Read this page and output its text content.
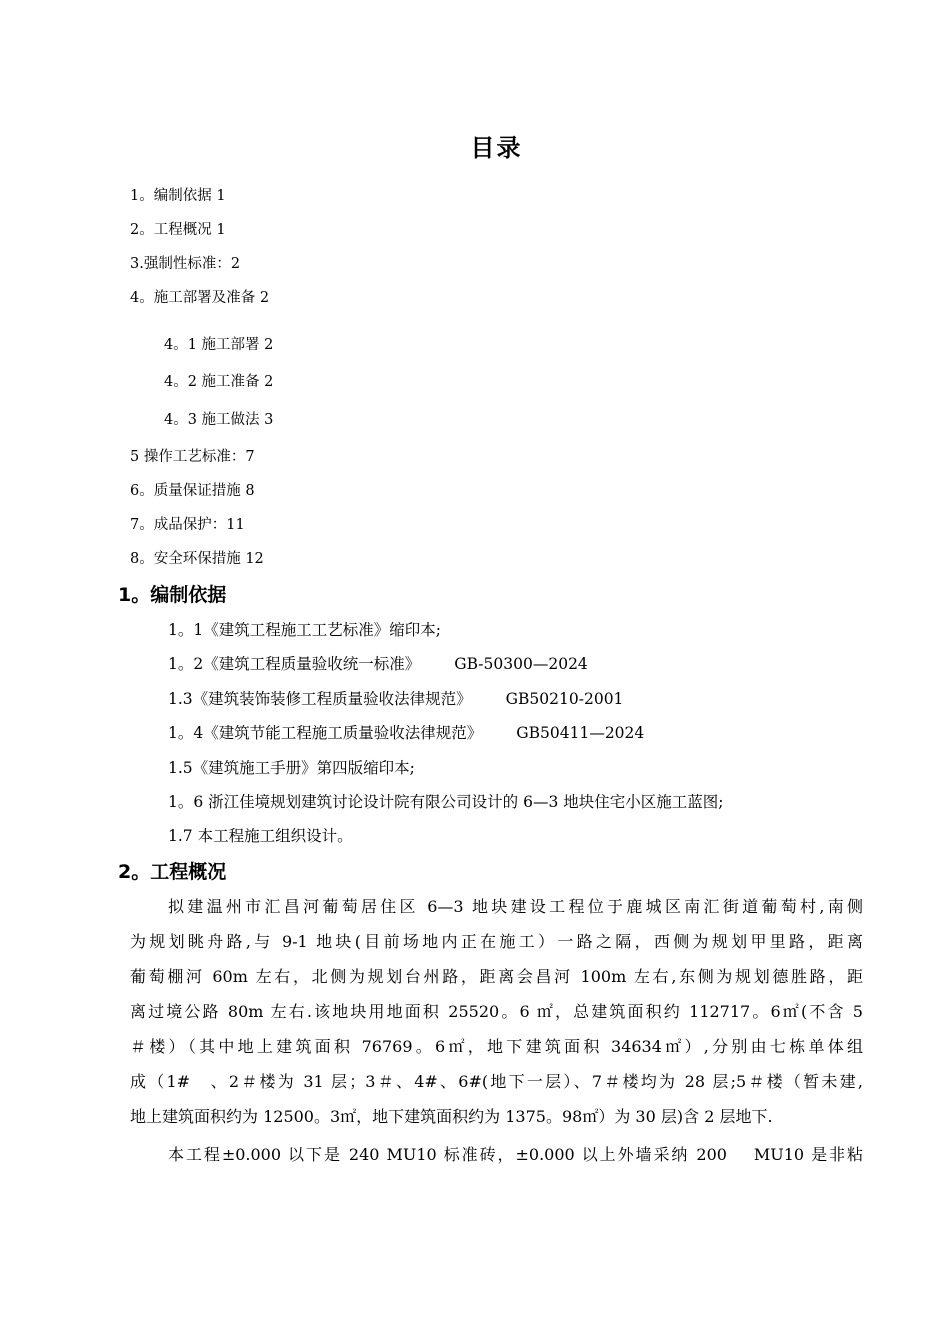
目录
1。编制依据 1
2。工程概况 1
3.强制性标准：2
4。施工部署及准备 2
4。1 施工部署 2
4。2 施工准备 2
4。3 施工做法 3
5 操作工艺标准：7
6。质量保证措施 8
7。成品保护：11
8。安全环保措施 12
1。编制依据
1。1《建筑工程施工工艺标准》缩印本;
1。2《建筑工程质量验收统一标准》 GB-50300—2024
1.3《建筑装饰装修工程质量验收法律规范》 GB50210-2001
1。4《建筑节能工程施工质量验收法律规范》 GB50411—2024
1.5《建筑施工手册》第四版缩印本;
1。6 浙江佳境规划建筑讨论设计院有限公司设计的 6—3 地块住宅小区施工蓝图;
1.7 本工程施工组织设计。
2。工程概况
拟建温州市汇昌河葡萄居住区 6—3 地块建设工程位于鹿城区南汇街道葡萄村,南侧
为规划眺舟路,与 9-1 地块(目前场地内正在施工）一路之隔，西侧为规划甲里路，距离
葡萄棚河 60m 左右，北侧为规划台州路，距离会昌河 100m 左右,东侧为规划德胜路，距
离过境公路 80m 左右.该地块用地面积 25520。6 ㎡，总建筑面积约 112717。6㎡(不含 5
＃楼）（其中地上建筑面积 76769。6㎡，地下建筑面积 34634㎡）,分别由七栋单体组
成（1#　、2＃楼为 31 层；3＃、4#、6#(地下一层）、7＃楼均为 28 层;5＃楼（暂未建,
地上建筑面积约为 12500。3㎡，地下建筑面积约为 1375。98㎡）为 30 层)含 2 层地下.
本工程±0.000 以下是 240 MU10 标准砖，±0.000 以上外墙采纳 200　 MU10 是非粘
